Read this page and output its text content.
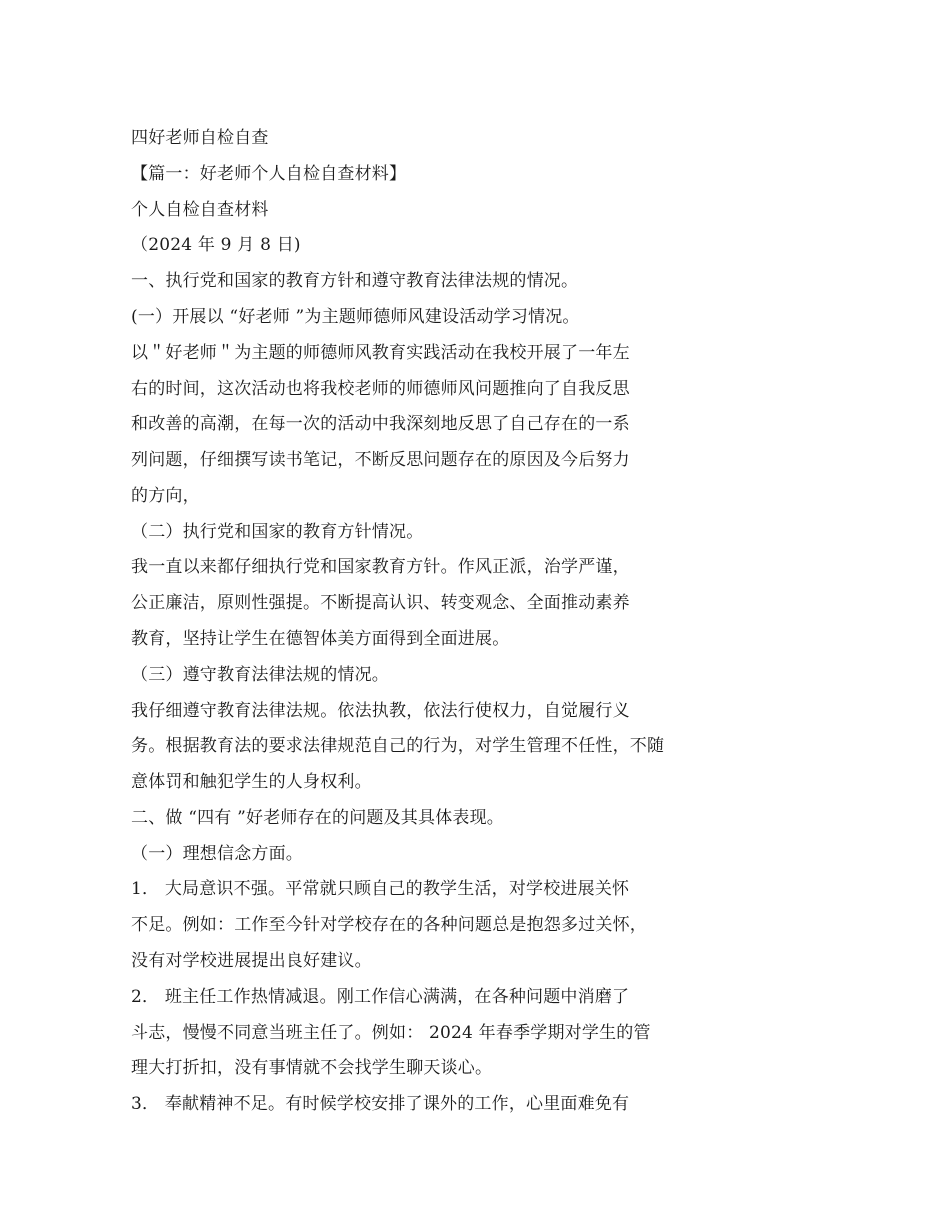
四好老师自检自查
【篇一：好老师个人自检自查材料】
个人自检自查材料
（2024 年 9 月 8 日)
一、执行党和国家的教育方针和遵守教育法律法规的情况。
(一）开展以 “好老师 ”为主题师德师风建设活动学习情况。
以＂好老师＂为主题的师德师风教育实践活动在我校开展了一年左
右的时间，这次活动也将我校老师的师德师风问题推向了自我反思
和改善的高潮，在每一次的活动中我深刻地反思了自己存在的一系
列问题，仔细撰写读书笔记，不断反思问题存在的原因及今后努力
的方向，
（二）执行党和国家的教育方针情况。
我一直以来都仔细执行党和国家教育方针。作风正派，治学严谨，
公正廉洁，原则性强提。不断提高认识、转变观念、全面推动素养
教育，坚持让学生在德智体美方面得到全面进展。
（三）遵守教育法律法规的情况。
我仔细遵守教育法律法规。依法执教，依法行使权力，自觉履行义
务。根据教育法的要求法律规范自己的行为，对学生管理不任性，不随
意体罚和触犯学生的人身权利。
二、做 “四有 ”好老师存在的问题及其具体表现。
（一）理想信念方面。
1． 大局意识不强。平常就只顾自己的教学生活，对学校进展关怀
不足。例如：工作至今针对学校存在的各种问题总是抱怨多过关怀，
没有对学校进展提出良好建议。
2． 班主任工作热情减退。刚工作信心满满，在各种问题中消磨了
斗志，慢慢不同意当班主任了。例如： 2024 年春季学期对学生的管
理大打折扣，没有事情就不会找学生聊天谈心。
3． 奉献精神不足。有时候学校安排了课外的工作，心里面难免有
